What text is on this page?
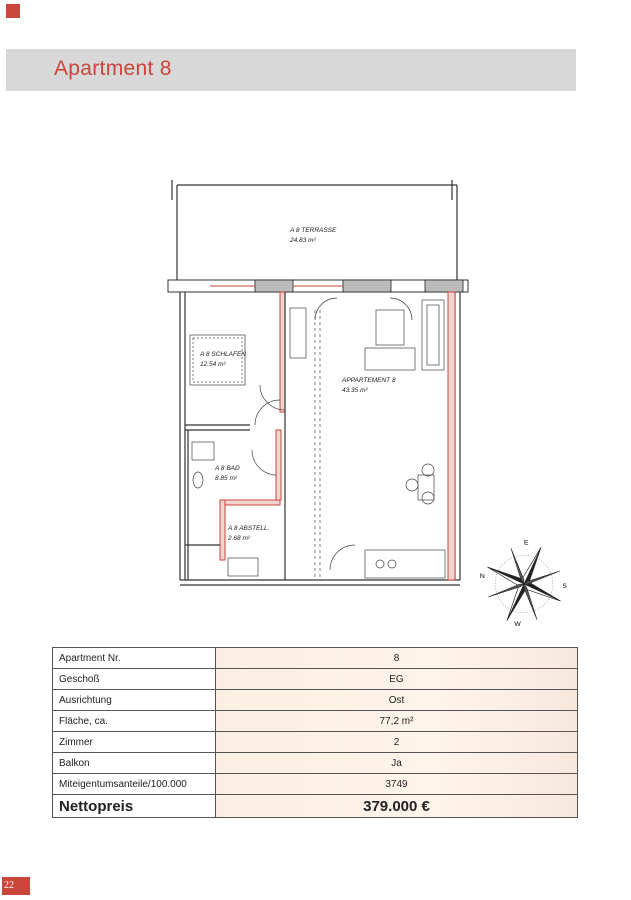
Apartment 8
A 8 TERRASSE
24.83 m²
A 8 SCHLAFEN
12.54 m²
APPARTEMENT 8
43.35 m²
A 8 BAD
8.85 m²
A 8 ABSTELL.
2.68 m²
N
E
S
W
Apartment Nr.	8
Geschoß	EG
Ausrichtung	Ost
Fläche, ca.	77,2 m²
Zimmer	2
Balkon	Ja
Miteigentumsanteile/100.000	3749
Nettopreis	379.000 €
22
